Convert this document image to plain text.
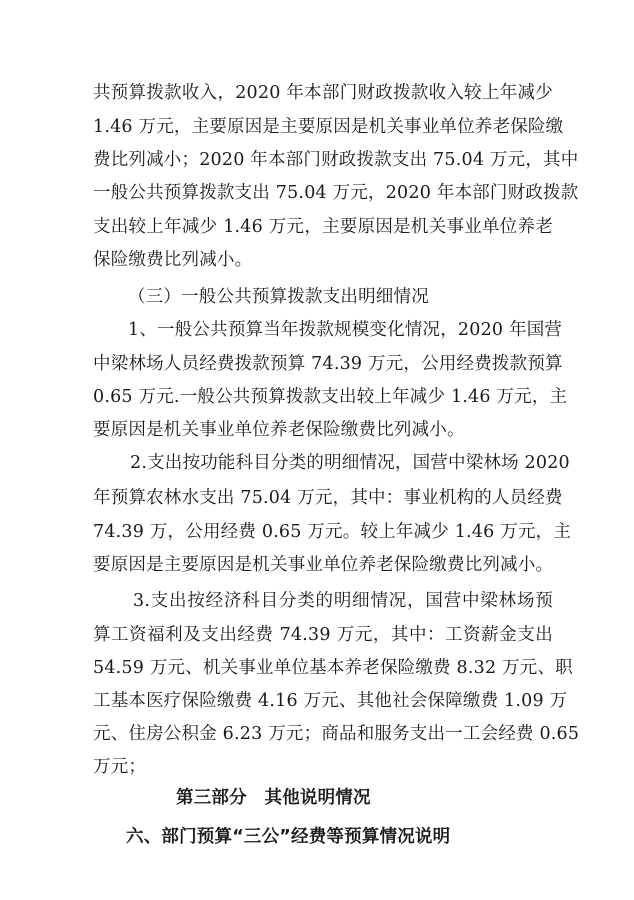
共预算拨款收入，2020 年本部门财政拨款收入较上年减少
1.46 万元，主要原因是主要原因是机关事业单位养老保险缴
费比列减小；2020 年本部门财政拨款支出 75.04 万元，其中
一般公共预算拨款支出 75.04 万元，2020 年本部门财政拨款
支出较上年减少 1.46 万元，主要原因是机关事业单位养老
保险缴费比列减小。
（三）一般公共预算拨款支出明细情况
1、一般公共预算当年拨款规模变化情况，2020 年国营
中梁林场人员经费拨款预算 74.39 万元，公用经费拨款预算
0.65 万元.一般公共预算拨款支出较上年减少 1.46 万元，主
要原因是机关事业单位养老保险缴费比列减小。
2.支出按功能科目分类的明细情况，国营中梁林场 2020
年预算农林水支出 75.04 万元，其中：事业机构的人员经费
74.39 万，公用经费 0.65 万元。较上年减少 1.46 万元，主
要原因是主要原因是机关事业单位养老保险缴费比列减小。
3.支出按经济科目分类的明细情况，国营中梁林场预
算工资福利及支出经费 74.39 万元，其中：工资薪金支出
54.59 万元、机关事业单位基本养老保险缴费 8.32 万元、职
工基本医疗保险缴费 4.16 万元、其他社会保障缴费 1.09 万
元、住房公积金 6.23 万元；商品和服务支出一工会经费 0.65
万元；
第三部分　其他说明情况
六、部门预算“三公”经费等预算情况说明
